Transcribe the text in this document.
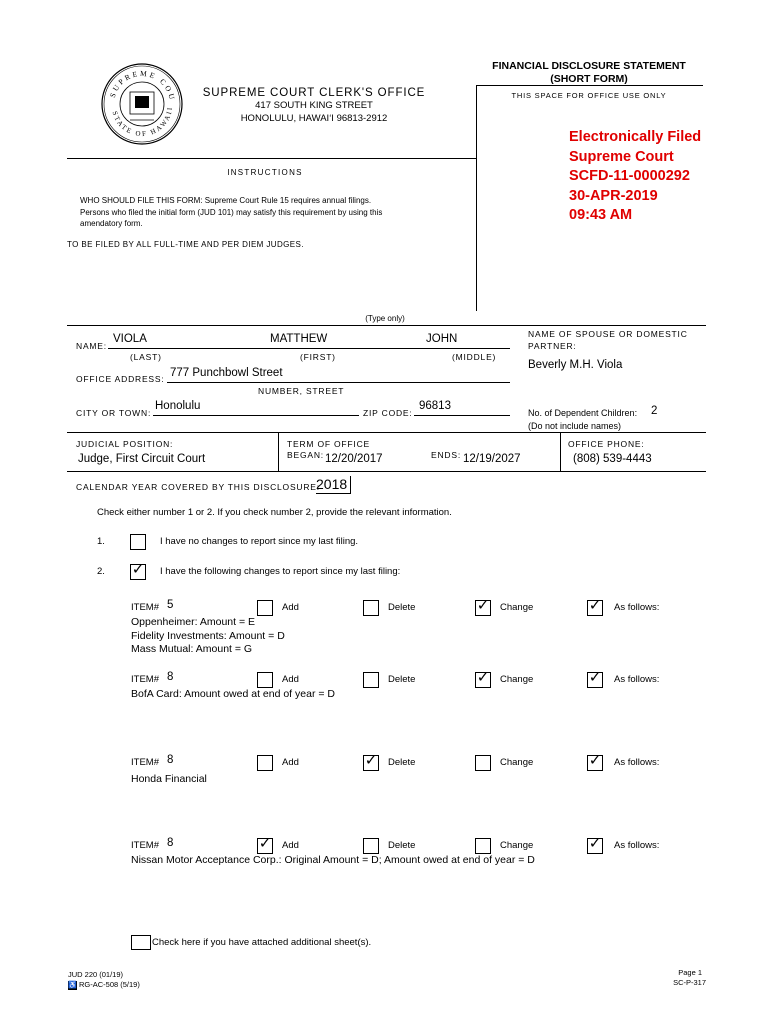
SUPREME COU
STATE OF HAWAII
SUPREME COURT CLERK'S OFFICE
417 SOUTH KING STREET
HONOLULU, HAWAI‘I 96813-2912
FINANCIAL DISCLOSURE STATEMENT
(SHORT FORM)
THIS SPACE FOR OFFICE USE ONLY
Electronically Filed
Supreme Court
SCFD-11-0000292
30-APR-2019
09:43 AM
INSTRUCTIONS
WHO SHOULD FILE THIS FORM: Supreme Court Rule 15 requires annual filings.
Persons who filed the initial form (JUD 101) may satisfy this requirement by using this
amendatory form.
TO BE FILED BY ALL FULL-TIME AND PER DIEM JUDGES.
(Type only)
NAME:
VIOLA	MATTHEW	JOHN
(LAST)	(FIRST)	(MIDDLE)
NAME OF SPOUSE OR DOMESTIC
PARTNER:
Beverly M.H. Viola
OFFICE ADDRESS: 777 Punchbowl Street
NUMBER, STREET
CITY OR TOWN:
Honolulu
ZIP CODE:
96813
No. of Dependent Children: 2
(Do not include names)
JUDICIAL POSITION:
Judge, First Circuit Court
TERM OF OFFICE
BEGAN: 12/20/2017	ENDS: 12/19/2027
OFFICE PHONE:
(808) 539-4443
CALENDAR YEAR COVERED BY THIS DISCLOSURE:
2018
Check either number 1 or 2. If you check number 2, provide the relevant information.
1.	I have no changes to report since my last filing.
2. ✓ I have the following changes to report since my last filing:
ITEM# 5	Add	Delete	✓ Change	✓ As follows:
Oppenheimer: Amount = E
Fidelity Investments: Amount = D
Mass Mutual: Amount = G
ITEM# 8	Add	Delete	✓ Change	✓ As follows:
BofA Card: Amount owed at end of year = D
ITEM# 8	Add	✓ Delete	Change	✓ As follows:
Honda Financial
ITEM# 8	✓ Add	Delete	Change	✓ As follows:
Nissan Motor Acceptance Corp.: Original Amount = D; Amount owed at end of year = D
Check here if you have attached additional sheet(s).
JUD 220 (01/19)
♿ RG-AC-508 (5/19)
Page 1
SC-P-317
